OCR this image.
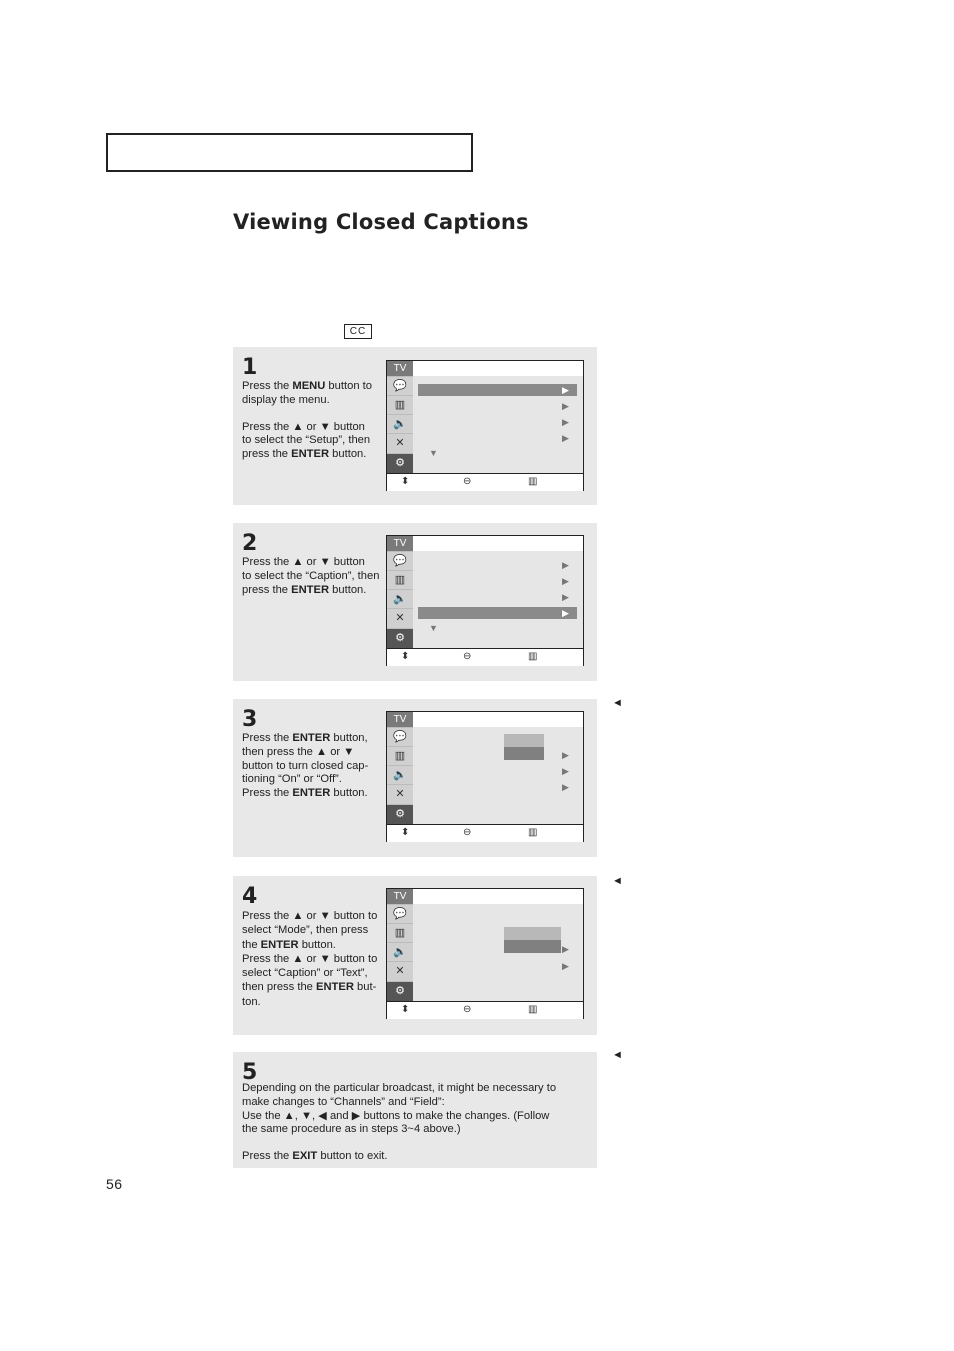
Viewing Closed Captions
CC
1

Press the MENU button to

display the menu.

Press the ▲ or ▼ button

to select the “Setup”, then

press the ENTER button.

TV
💬
▥
🔈
✕
⚙
▶
▶
▶
▶
▼
⬍	⊖	▥
2

Press the ▲ or ▼ button

to select the “Caption”, then

press the ENTER button.

TV
💬
▥
🔈
✕
⚙
▶
▶
▶
▶
▼
⬍	⊖	▥
3

Press the ENTER button,

then press the ▲ or ▼

button to turn closed cap-

tioning “On” or “Off”.

Press the ENTER button.

TV
💬
▥
🔈
✕
⚙
▶
▶
▶
⬍	⊖	▥
◄
4

Press the ▲ or ▼ button to

select “Mode”, then press

the ENTER button.

Press the ▲ or ▼ button to

select “Caption” or “Text”,

then press the ENTER but-

ton.

TV
💬
▥
🔈
✕
⚙
▶
▶
⬍	⊖	▥
◄
5

Depending on the particular broadcast, it might be necessary to

make changes to “Channels” and “Field”:

Use the ▲, ▼, ◀ and ▶ buttons to make the changes. (Follow

the same procedure as in steps 3~4 above.)

Press the EXIT button to exit.

◄
56
